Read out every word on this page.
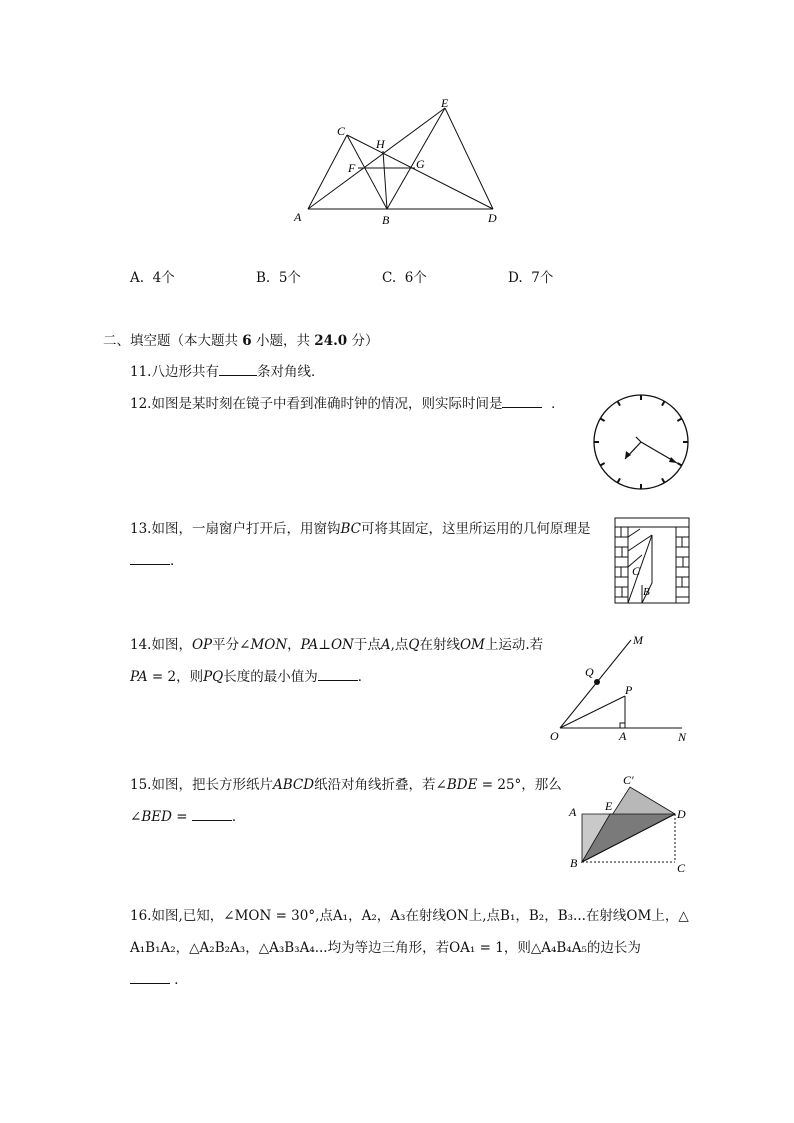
C
H
E
F	G
A	B	D
A. 4个	B. 5个	C. 6个	D. 7个
二、填空题（本大题共 6 小题，共 24.0 分）
11.八边形共有	条对角线．
12.如图是某时刻在镜子中看到准确时钟的情况，则实际时间是	．
13.如图，一扇窗户打开后，用窗钩BC可将其固定，这里所运用的几何原理是
．
C
B
14.如图，OP平分∠MON，PA⊥ON于点A,点Q在射线OM上运动.若
PA = 2，则PQ长度的最小值为	．
M
Q
P
O	A	N
15.如图，把长方形纸片ABCD纸沿对角线折叠，若∠BDE = 25°，那么
∠BED =	．
C′
A E
D
B	C
16.如图,已知，∠MON = 30°,点A₁，A₂，A₃在射线ON上,点B₁，B₂，B₃...在射线OM上，△
A₁B₁A₂，△A₂B₂A₃，△A₃B₃A₄...均为等边三角形，若OA₁ = 1，则△A₄B₄A₅的边长为
．
